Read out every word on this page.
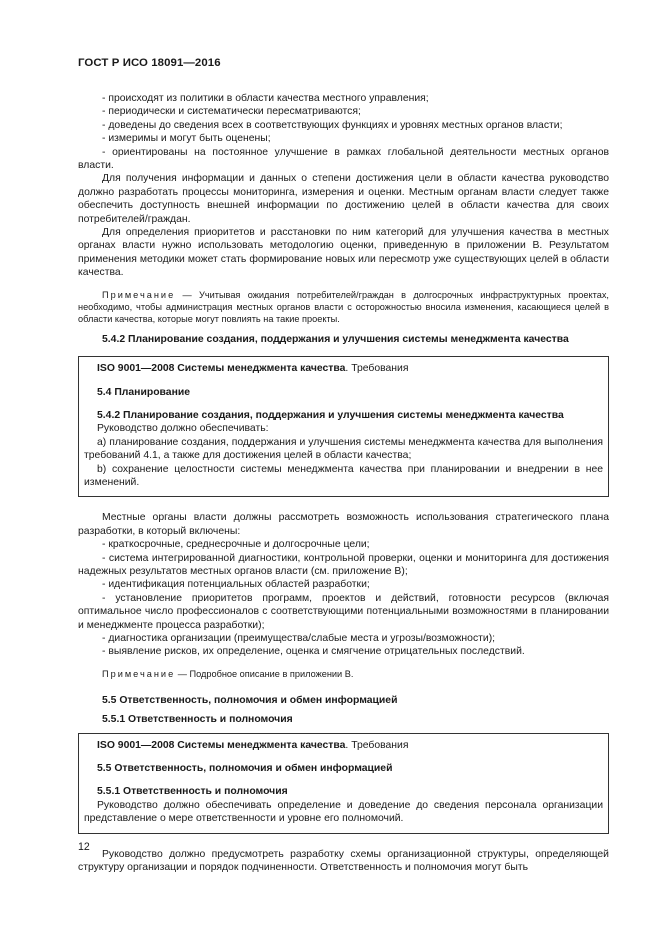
ГОСТ Р ИСО 18091—2016

- происходят из политики в области качества местного управления;

- периодически и систематически пересматриваются;

- доведены до сведения всех в соответствующих функциях и уровнях местных органов власти;

- измеримы и могут быть оценены;

- ориентированы на постоянное улучшение в рамках глобальной деятельности местных органов власти.

Для получения информации и данных о степени достижения цели в области качества руководство должно разработать процессы мониторинга, измерения и оценки. Местным органам власти следует также обеспечить доступность внешней информации по достижению целей в области качества для своих потребителей/граждан.

Для определения приоритетов и расстановки по ним категорий для улучшения качества в местных органах власти нужно использовать методологию оценки, приведенную в приложении В. Результатом применения методики может стать формирование новых или пересмотр уже существующих целей в области качества.

Примечание — Учитывая ожидания потребителей/граждан в долгосрочных инфраструктурных проектах, необходимо, чтобы администрация местных органов власти с осторожностью вносила изменения, касающиеся целей в области качества, которые могут повлиять на такие проекты.

5.4.2 Планирование создания, поддержания и улучшения системы менеджмента качества

ISO 9001—2008 Системы менеджмента качества. Требования

5.4 Планирование

5.4.2 Планирование создания, поддержания и улучшения системы менеджмента качества

Руководство должно обеспечивать:

a) планирование создания, поддержания и улучшения системы менеджмента качества для выполнения требований 4.1, а также для достижения целей в области качества;

b) сохранение целостности системы менеджмента качества при планировании и внедрении в нее изменений.

Местные органы власти должны рассмотреть возможность использования стратегического плана разработки, в который включены:

- краткосрочные, среднесрочные и долгосрочные цели;

- система интегрированной диагностики, контрольной проверки, оценки и мониторинга для достижения надежных результатов местных органов власти (см. приложение В);

- идентификация потенциальных областей разработки;

- установление приоритетов программ, проектов и действий, готовности ресурсов (включая оптимальное число профессионалов с соответствующими потенциальными возможностями в планировании и менеджменте процесса разработки);

- диагностика организации (преимущества/слабые места и угрозы/возможности);

- выявление рисков, их определение, оценка и смягчение отрицательных последствий.

Примечание — Подробное описание в приложении В.

5.5 Ответственность, полномочия и обмен информацией

5.5.1 Ответственность и полномочия

ISO 9001—2008 Системы менеджмента качества. Требования

5.5 Ответственность, полномочия и обмен информацией

5.5.1 Ответственность и полномочия

Руководство должно обеспечивать определение и доведение до сведения персонала организации представление о мере ответственности и уровне его полномочий.

Руководство должно предусмотреть разработку схемы организационной структуры, определяющей структуру организации и порядок подчиненности. Ответственность и полномочия могут быть

12
